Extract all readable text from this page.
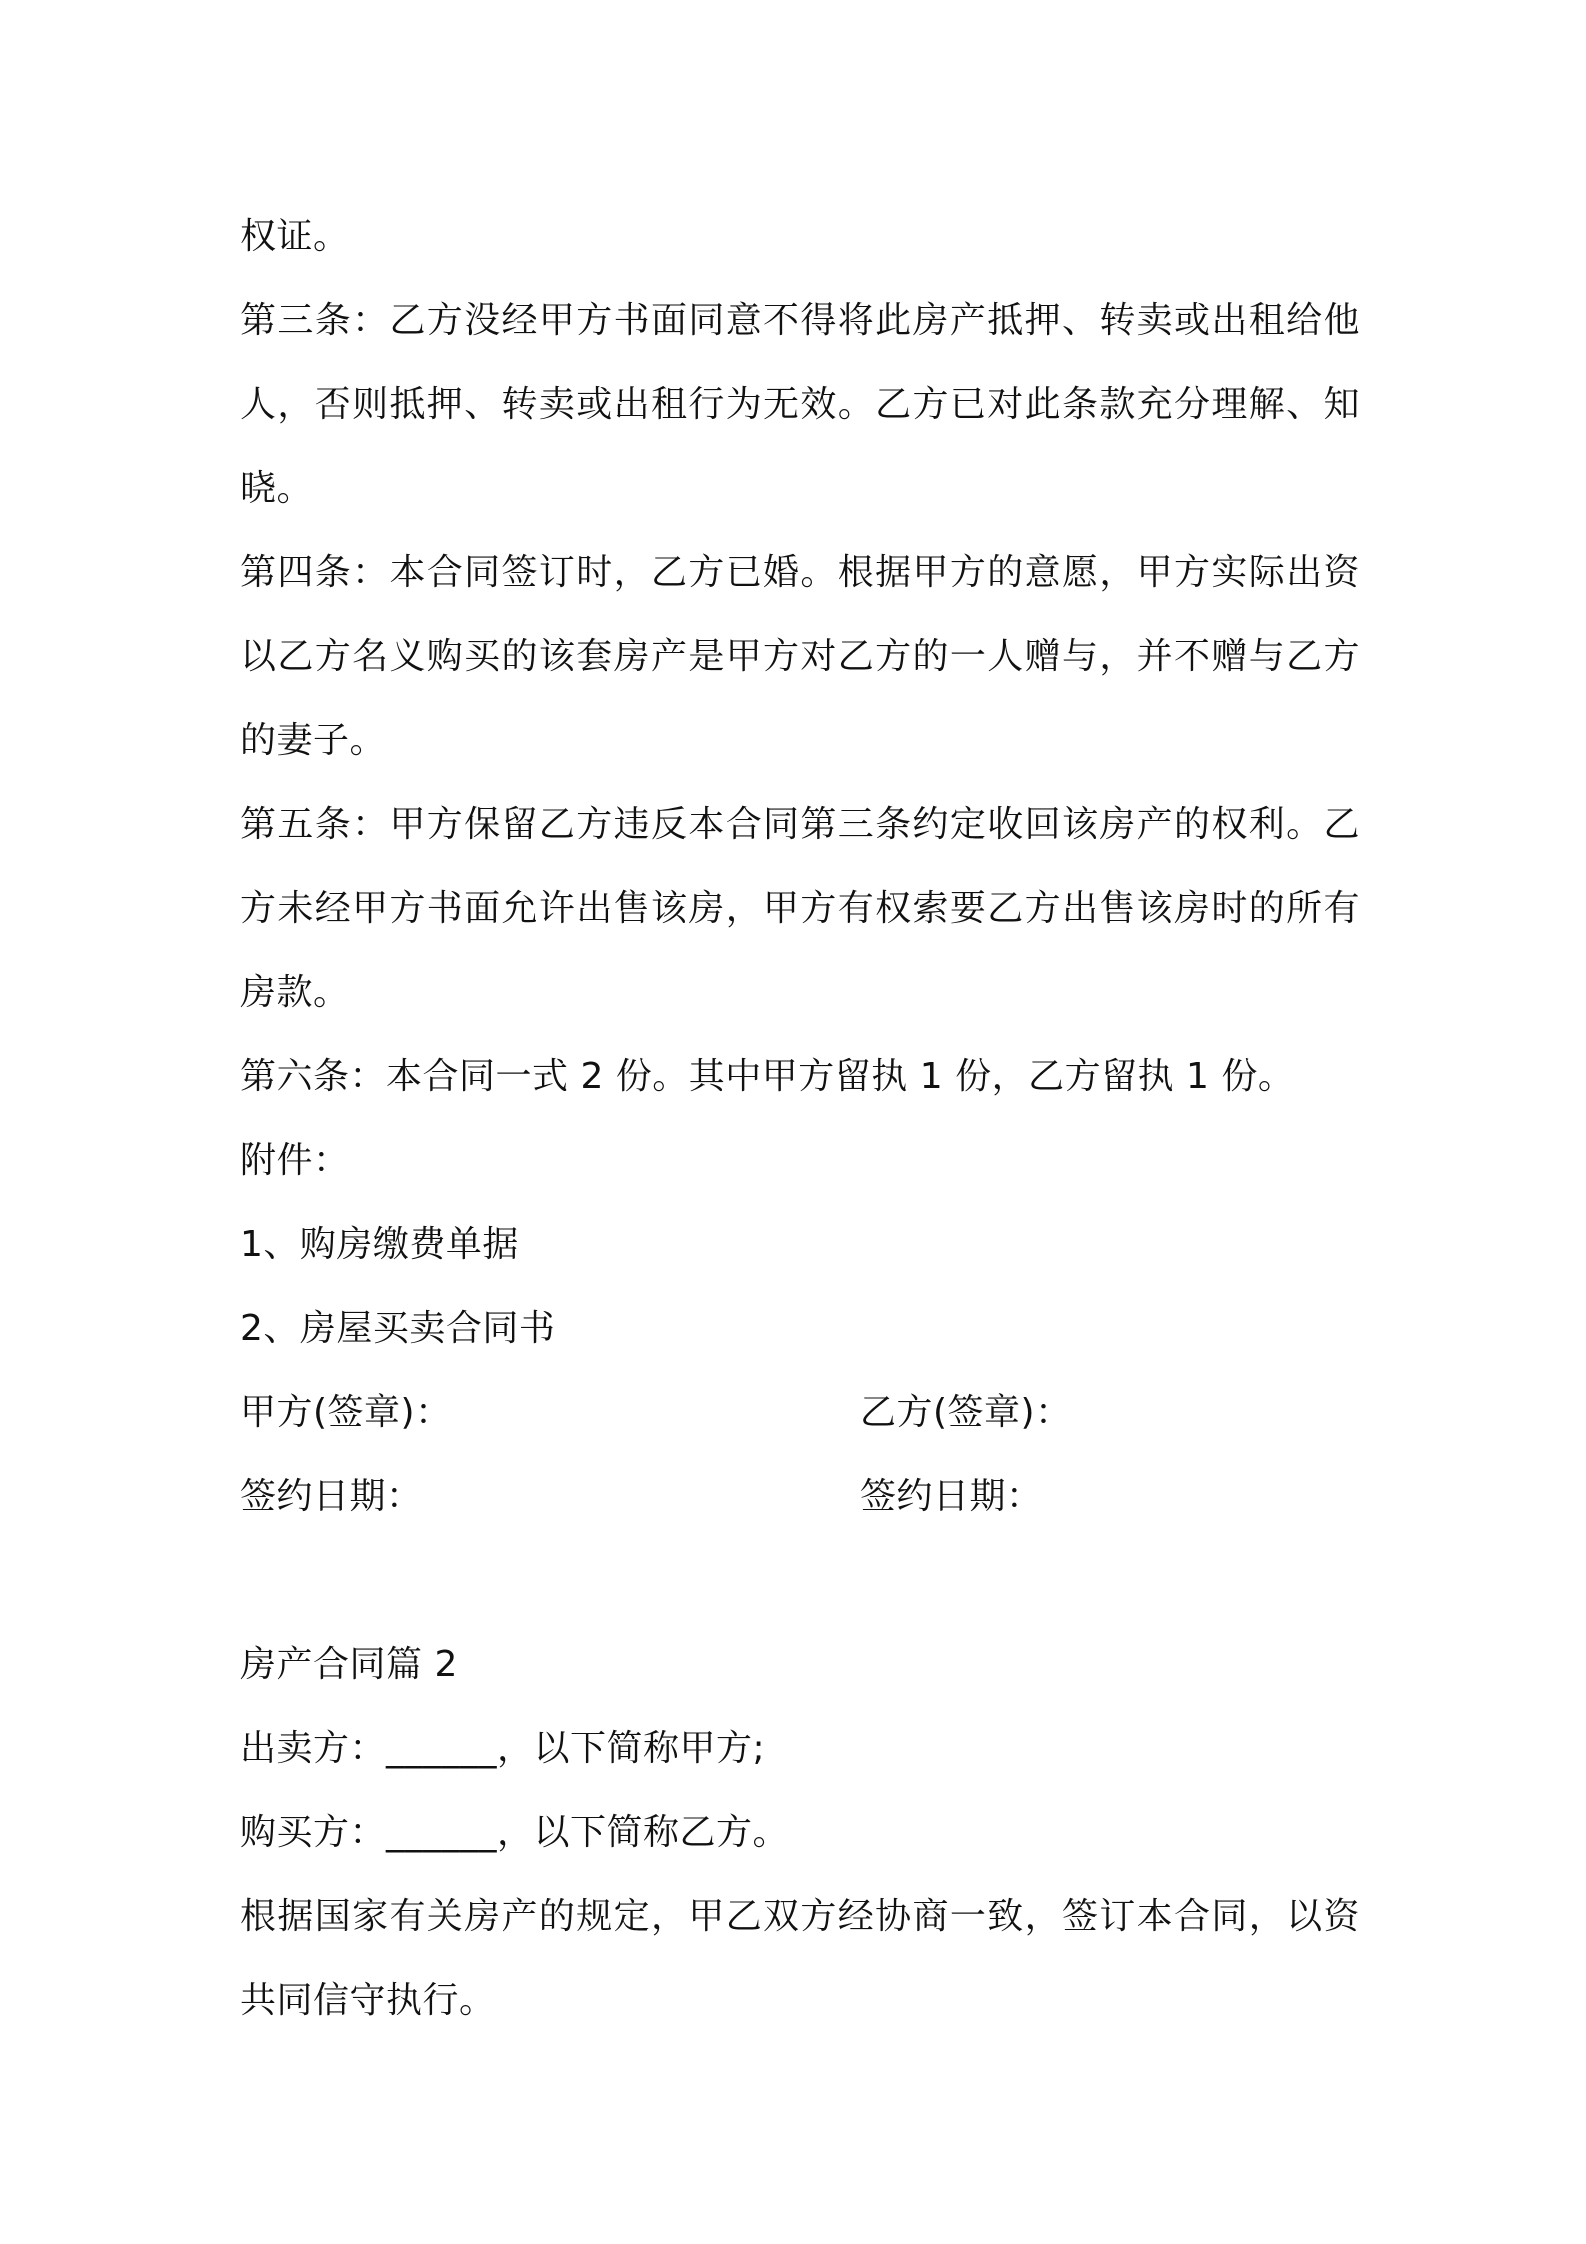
权证。

第三条：乙方没经甲方书面同意不得将此房产抵押、转卖或出租给他人，否则抵押、转卖或出租行为无效。乙方已对此条款充分理解、知晓。

第四条：本合同签订时，乙方已婚。根据甲方的意愿，甲方实际出资以乙方名义购买的该套房产是甲方对乙方的一人赠与，并不赠与乙方的妻子。

第五条：甲方保留乙方违反本合同第三条约定收回该房产的权利。乙方未经甲方书面允许出售该房，甲方有权索要乙方出售该房时的所有房款。

第六条：本合同一式 2 份。其中甲方留执 1 份，乙方留执 1 份。

附件：

1、购房缴费单据

2、房屋买卖合同书

甲方(签章)：	乙方(签章)：
签约日期：	签约日期：

房产合同篇 2

出卖方：______，以下简称甲方;

购买方：______，以下简称乙方。

根据国家有关房产的规定，甲乙双方经协商一致，签订本合同，以资共同信守执行。
